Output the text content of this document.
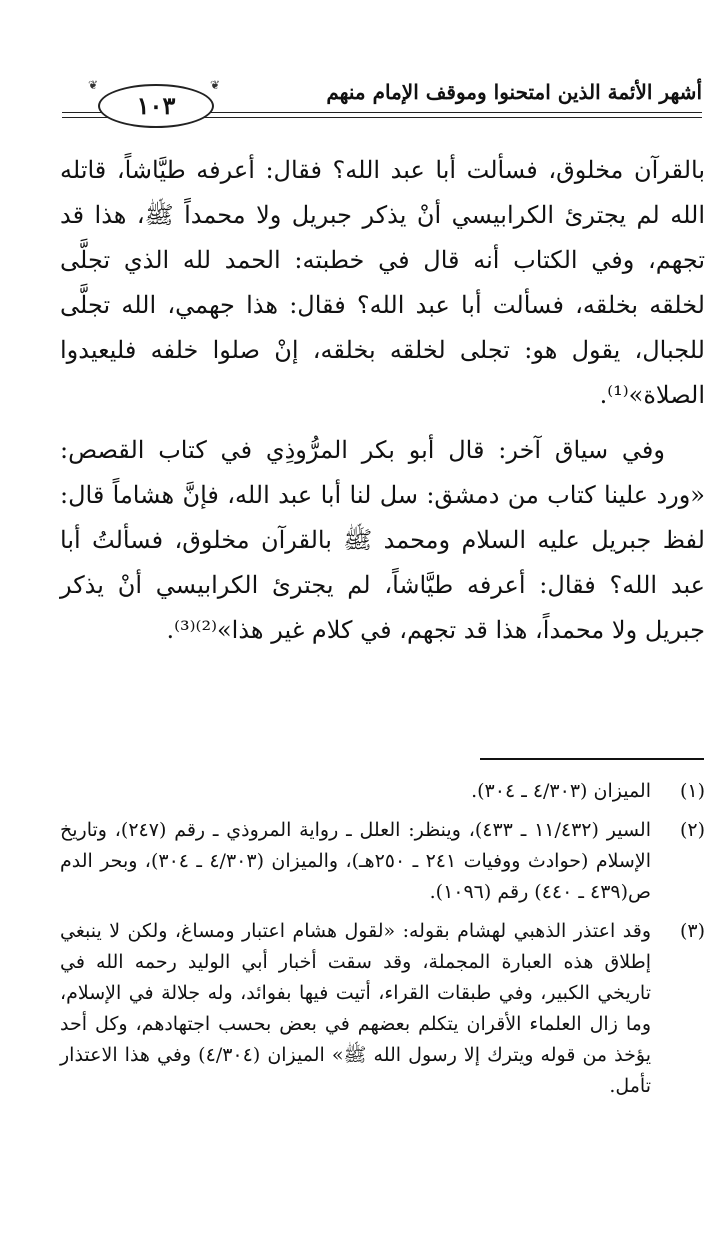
أشهر الأئمة الذين امتحنوا وموقف الإمام منهم
❦
١٠٣
❦

بالقرآن مخلوق، فسألت أبا عبد الله؟ فقال: أعرفه طيَّاشاً، قاتله الله لم يجترئ الكرابيسي أنْ يذكر جبريل ولا محمداً ﷺ، هذا قد تجهم، وفي الكتاب أنه قال في خطبته: الحمد لله الذي تجلَّى لخلقه بخلقه، فسألت أبا عبد الله؟ فقال: هذا جهمي، الله تجلَّى للجبال، يقول هو: تجلى لخلقه بخلقه، إنْ صلوا خلفه فليعيدوا الصلاة»⁽¹⁾.

وفي سياق آخر: قال أبو بكر المرُّوذِي في كتاب القصص: «ورد علينا كتاب من دمشق: سل لنا أبا عبد الله، فإنَّ هشاماً قال: لفظ جبريل عليه السلام ومحمد ﷺ بالقرآن مخلوق، فسألتُ أبا عبد الله؟ فقال: أعرفه طيَّاشاً، لم يجترئ الكرابيسي أنْ يذكر جبريل ولا محمداً، هذا قد تجهم، في كلام غير هذا»⁽²⁾⁽³⁾.

(١)
الميزان (٤/٣٠٣ ـ ٣٠٤).
(٢)
السير (١١/٤٣٢ ـ ٤٣٣)، وينظر: العلل ـ رواية المروذي ـ رقم (٢٤٧)، وتاريخ الإسلام (حوادث ووفيات ٢٤١ ـ ٢٥٠هـ)، والميزان (٤/٣٠٣ ـ ٣٠٤)، وبحر الدم ص(٤٣٩ ـ ٤٤٠) رقم (١٠٩٦).
(٣)
وقد اعتذر الذهبي لهشام بقوله: «لقول هشام اعتبار ومساغ، ولكن لا ينبغي إطلاق هذه العبارة المجملة، وقد سقت أخبار أبي الوليد رحمه الله في تاريخي الكبير، وفي طبقات القراء، أتيت فيها بفوائد، وله جلالة في الإسلام، وما زال العلماء الأقران يتكلم بعضهم في بعض بحسب اجتهادهم، وكل أحد يؤخذ من قوله ويترك إلا رسول الله ﷺ» الميزان (٤/٣٠٤) وفي هذا الاعتذار تأمل.
